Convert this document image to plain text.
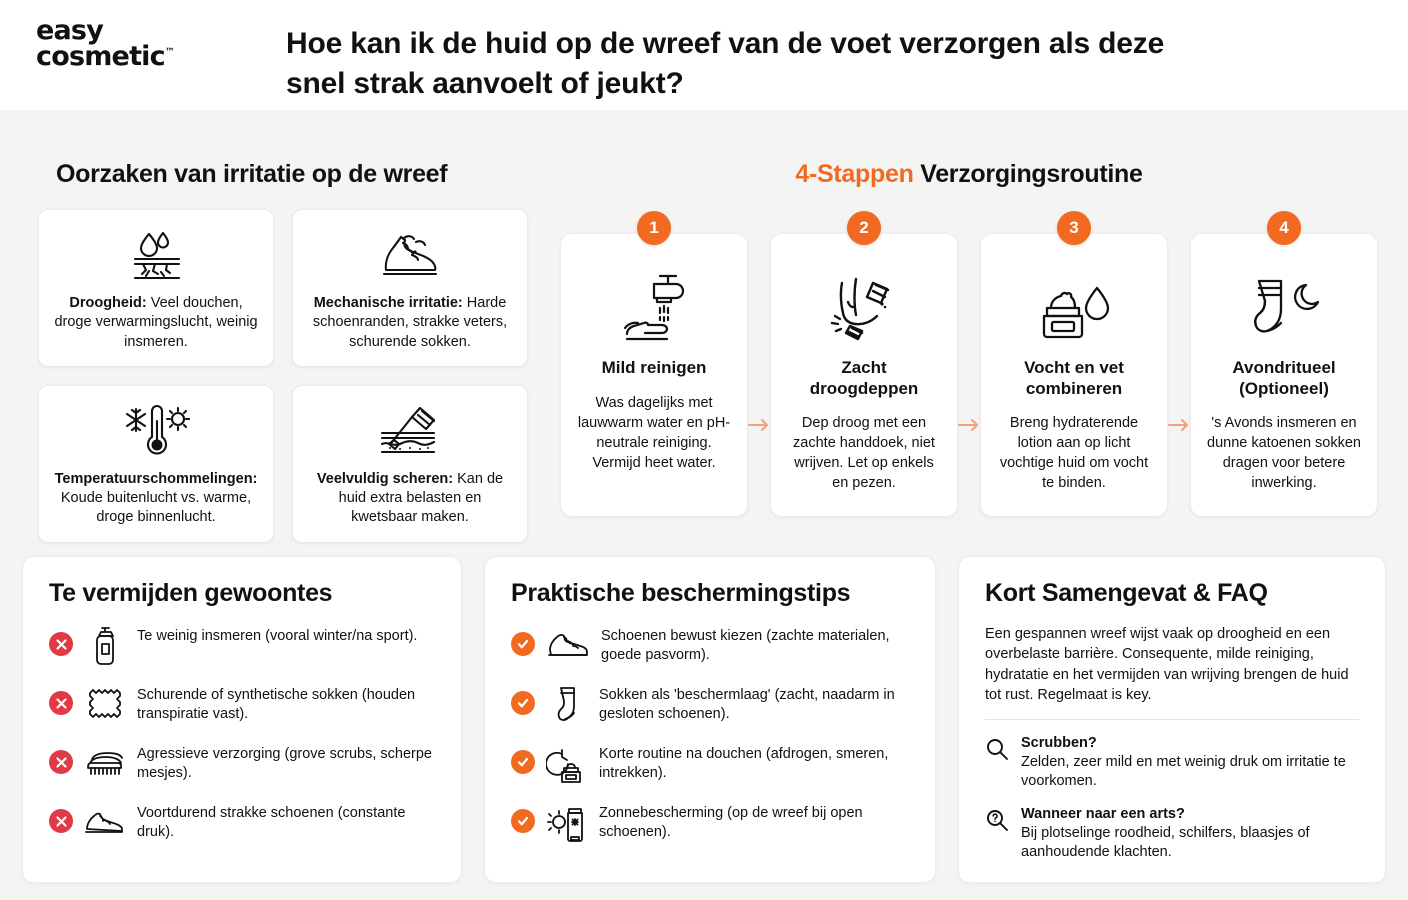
easy
cosmetic™	Hoe kan ik de huid op de wreef van de voet verzorgen als deze snel strak aanvoelt of jeukt?
Oorzaken van irritatie op de wreef
Droogheid: Veel douchen, droge verwarmingslucht, weinig insmeren.
Mechanische irritatie: Harde schoenranden, strakke veters, schurende sokken.
Temperatuurschommelingen: Koude buitenlucht vs. warme, droge binnenlucht.
Veelvuldig scheren: Kan de huid extra belasten en kwetsbaar maken.
4-Stappen Verzorgingsroutine
1
Mild reinigen
Was dagelijks met lauwwarm water en pH-neutrale reiniging. Vermijd heet water.
2
Zacht droogdeppen
Dep droog met een zachte handdoek, niet wrijven. Let op enkels en pezen.
3
Vocht en vet combineren
Breng hydraterende lotion aan op licht vochtige huid om vocht te binden.
4
Avondritueel (Optioneel)
's Avonds insmeren en dunne katoenen sokken dragen voor betere inwerking.
Te vermijden gewoontes
Te weinig insmeren (vooral winter/na sport).
Schurende of synthetische sokken (houden transpiratie vast).
Agressieve verzorging (grove scrubs, scherpe mesjes).
Voortdurend strakke schoenen (constante druk).
Praktische beschermingstips
Schoenen bewust kiezen (zachte materialen, goede pasvorm).
Sokken als 'beschermlaag' (zacht, naadarm in gesloten schoenen).
Korte routine na douchen (afdrogen, smeren, intrekken).
Zonnebescherming (op de wreef bij open schoenen).
Kort Samengevat & FAQ
Een gespannen wreef wijst vaak op droogheid en een overbelaste barrière. Consequente, milde reiniging, hydratatie en het vermijden van wrijving brengen de huid tot rust. Regelmaat is key.
Scrubben?
Zelden, zeer mild en met weinig druk om irritatie te voorkomen.
Wanneer naar een arts?
Bij plotselinge roodheid, schilfers, blaasjes of aanhoudende klachten.
